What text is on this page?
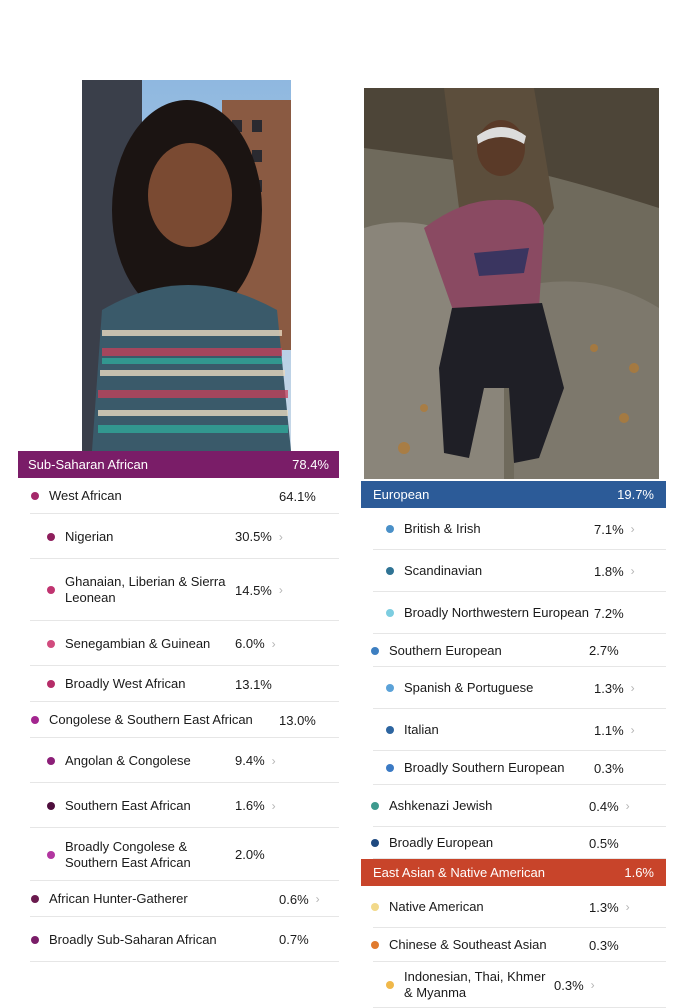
Sub-Saharan African	78.4%
West African	64.1%
Nigerian	30.5% ›
Ghanaian, Liberian & Sierra Leonean	14.5% ›
Senegambian & Guinean	6.0% ›
Broadly West African	13.1%
Congolese & Southern East African	13.0%
Angolan & Congolese	9.4% ›
Southern East African	1.6% ›
Broadly Congolese & Southern East African	2.0%
African Hunter-Gatherer	0.6% ›
Broadly Sub-Saharan African	0.7%
European	19.7%
British & Irish	7.1% ›
Scandinavian	1.8% ›
Broadly Northwestern European 7.2%
Southern European	2.7%
Spanish & Portuguese	1.3% ›
Italian	1.1% ›
Broadly Southern European	0.3%
Ashkenazi Jewish	0.4% ›
Broadly European	0.5%
East Asian & Native American	1.6%
Native American	1.3% ›
Chinese & Southeast Asian	0.3%
Indonesian, Thai, Khmer & Myanma	0.3% ›
